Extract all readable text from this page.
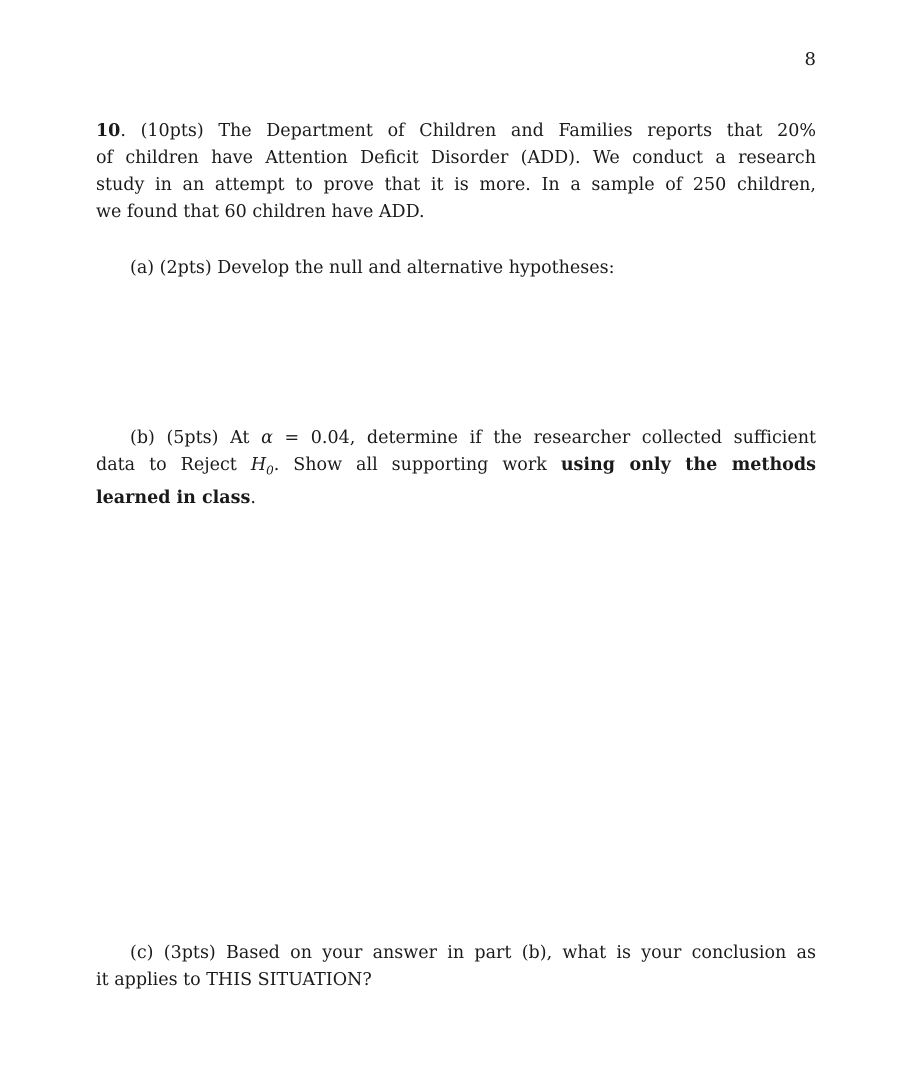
8
10. (10pts) The Department of Children and Families reports that 20%
of children have Attention Deficit Disorder (ADD). We conduct a research
study in an attempt to prove that it is more. In a sample of 250 children,
we found that 60 children have ADD.
(a) (2pts) Develop the null and alternative hypotheses:
(b) (5pts) At α = 0.04, determine if the researcher collected sufficient
data to Reject $H_0$. Show all supporting work using only the methods
learned in class.
(c) (3pts) Based on your answer in part (b), what is your conclusion as
it applies to THIS SITUATION?
